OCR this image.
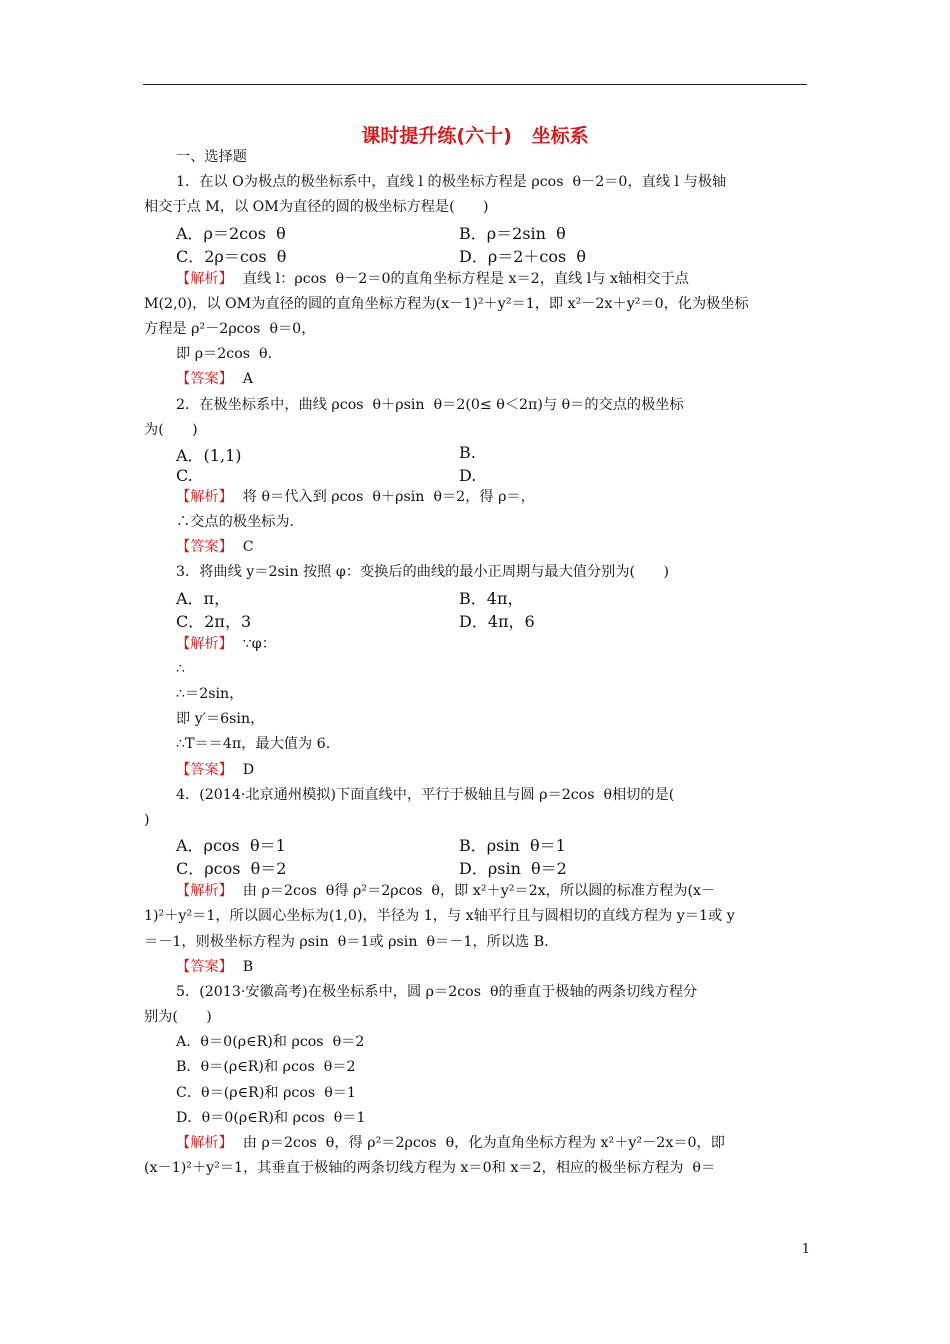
课时提升练(六十)   坐标系
一、选择题
1．在以 O为极点的极坐标系中，直线 l 的极坐标方程是 ρcos  θ－2＝0，直线 l 与极轴
相交于点 M，以 OM为直径的圆的极坐标方程是(　　)
A．ρ＝2cos  θ	B．ρ＝2sin  θ
C．2ρ＝cos  θ	D．ρ＝2＋cos  θ
【解析】 直线 l：ρcos  θ－2＝0的直角坐标方程是 x＝2，直线 l与 x轴相交于点
M(2,0)，以 OM为直径的圆的直角坐标方程为(x－1)²＋y²＝1，即 x²－2x＋y²＝0，化为极坐标
方程是 ρ²－2ρcos  θ＝0，
即 ρ＝2cos  θ.
【答案】 A
2．在极坐标系中，曲线 ρcos  θ＋ρsin  θ＝2(0≤ θ＜2π)与 θ＝的交点的极坐标
为(　　)
A．(1,1)	B.
C.	D.
【解析】 将 θ＝代入到 ρcos  θ＋ρsin  θ＝2，得 ρ＝，
∴交点的极坐标为.
【答案】 C
3．将曲线 y＝2sin 按照 φ：变换后的曲线的最小正周期与最大值分别为(　　)
A．π，	B．4π，
C．2π，3	D．4π，6
【解析】 ∵φ：
∴
∴＝2sin，
即 y′＝6sin，
∴T＝＝4π，最大值为 6.
【答案】 D
4．(2014·北京通州模拟)下面直线中，平行于极轴且与圆 ρ＝2cos  θ相切的是(
)
A．ρcos  θ＝1	B．ρsin  θ＝1
C．ρcos  θ＝2	D．ρsin  θ＝2
【解析】 由 ρ＝2cos  θ得 ρ²＝2ρcos  θ，即 x²＋y²＝2x，所以圆的标准方程为(x－
1)²＋y²＝1，所以圆心坐标为(1,0)，半径为 1，与 x轴平行且与圆相切的直线方程为 y＝1或 y
＝－1，则极坐标方程为 ρsin  θ＝1或 ρsin  θ＝－1，所以选 B.
【答案】 B
5．(2013·安徽高考)在极坐标系中，圆 ρ＝2cos  θ的垂直于极轴的两条切线方程分
别为(　　)
A．θ＝0(ρ∈R)和 ρcos  θ＝2
B．θ＝(ρ∈R)和 ρcos  θ＝2
C．θ＝(ρ∈R)和 ρcos  θ＝1
D．θ＝0(ρ∈R)和 ρcos  θ＝1
【解析】 由 ρ＝2cos  θ，得 ρ²＝2ρcos  θ，化为直角坐标方程为 x²＋y²－2x＝0，即
(x－1)²＋y²＝1，其垂直于极轴的两条切线方程为 x＝0和 x＝2，相应的极坐标方程为  θ＝
1
